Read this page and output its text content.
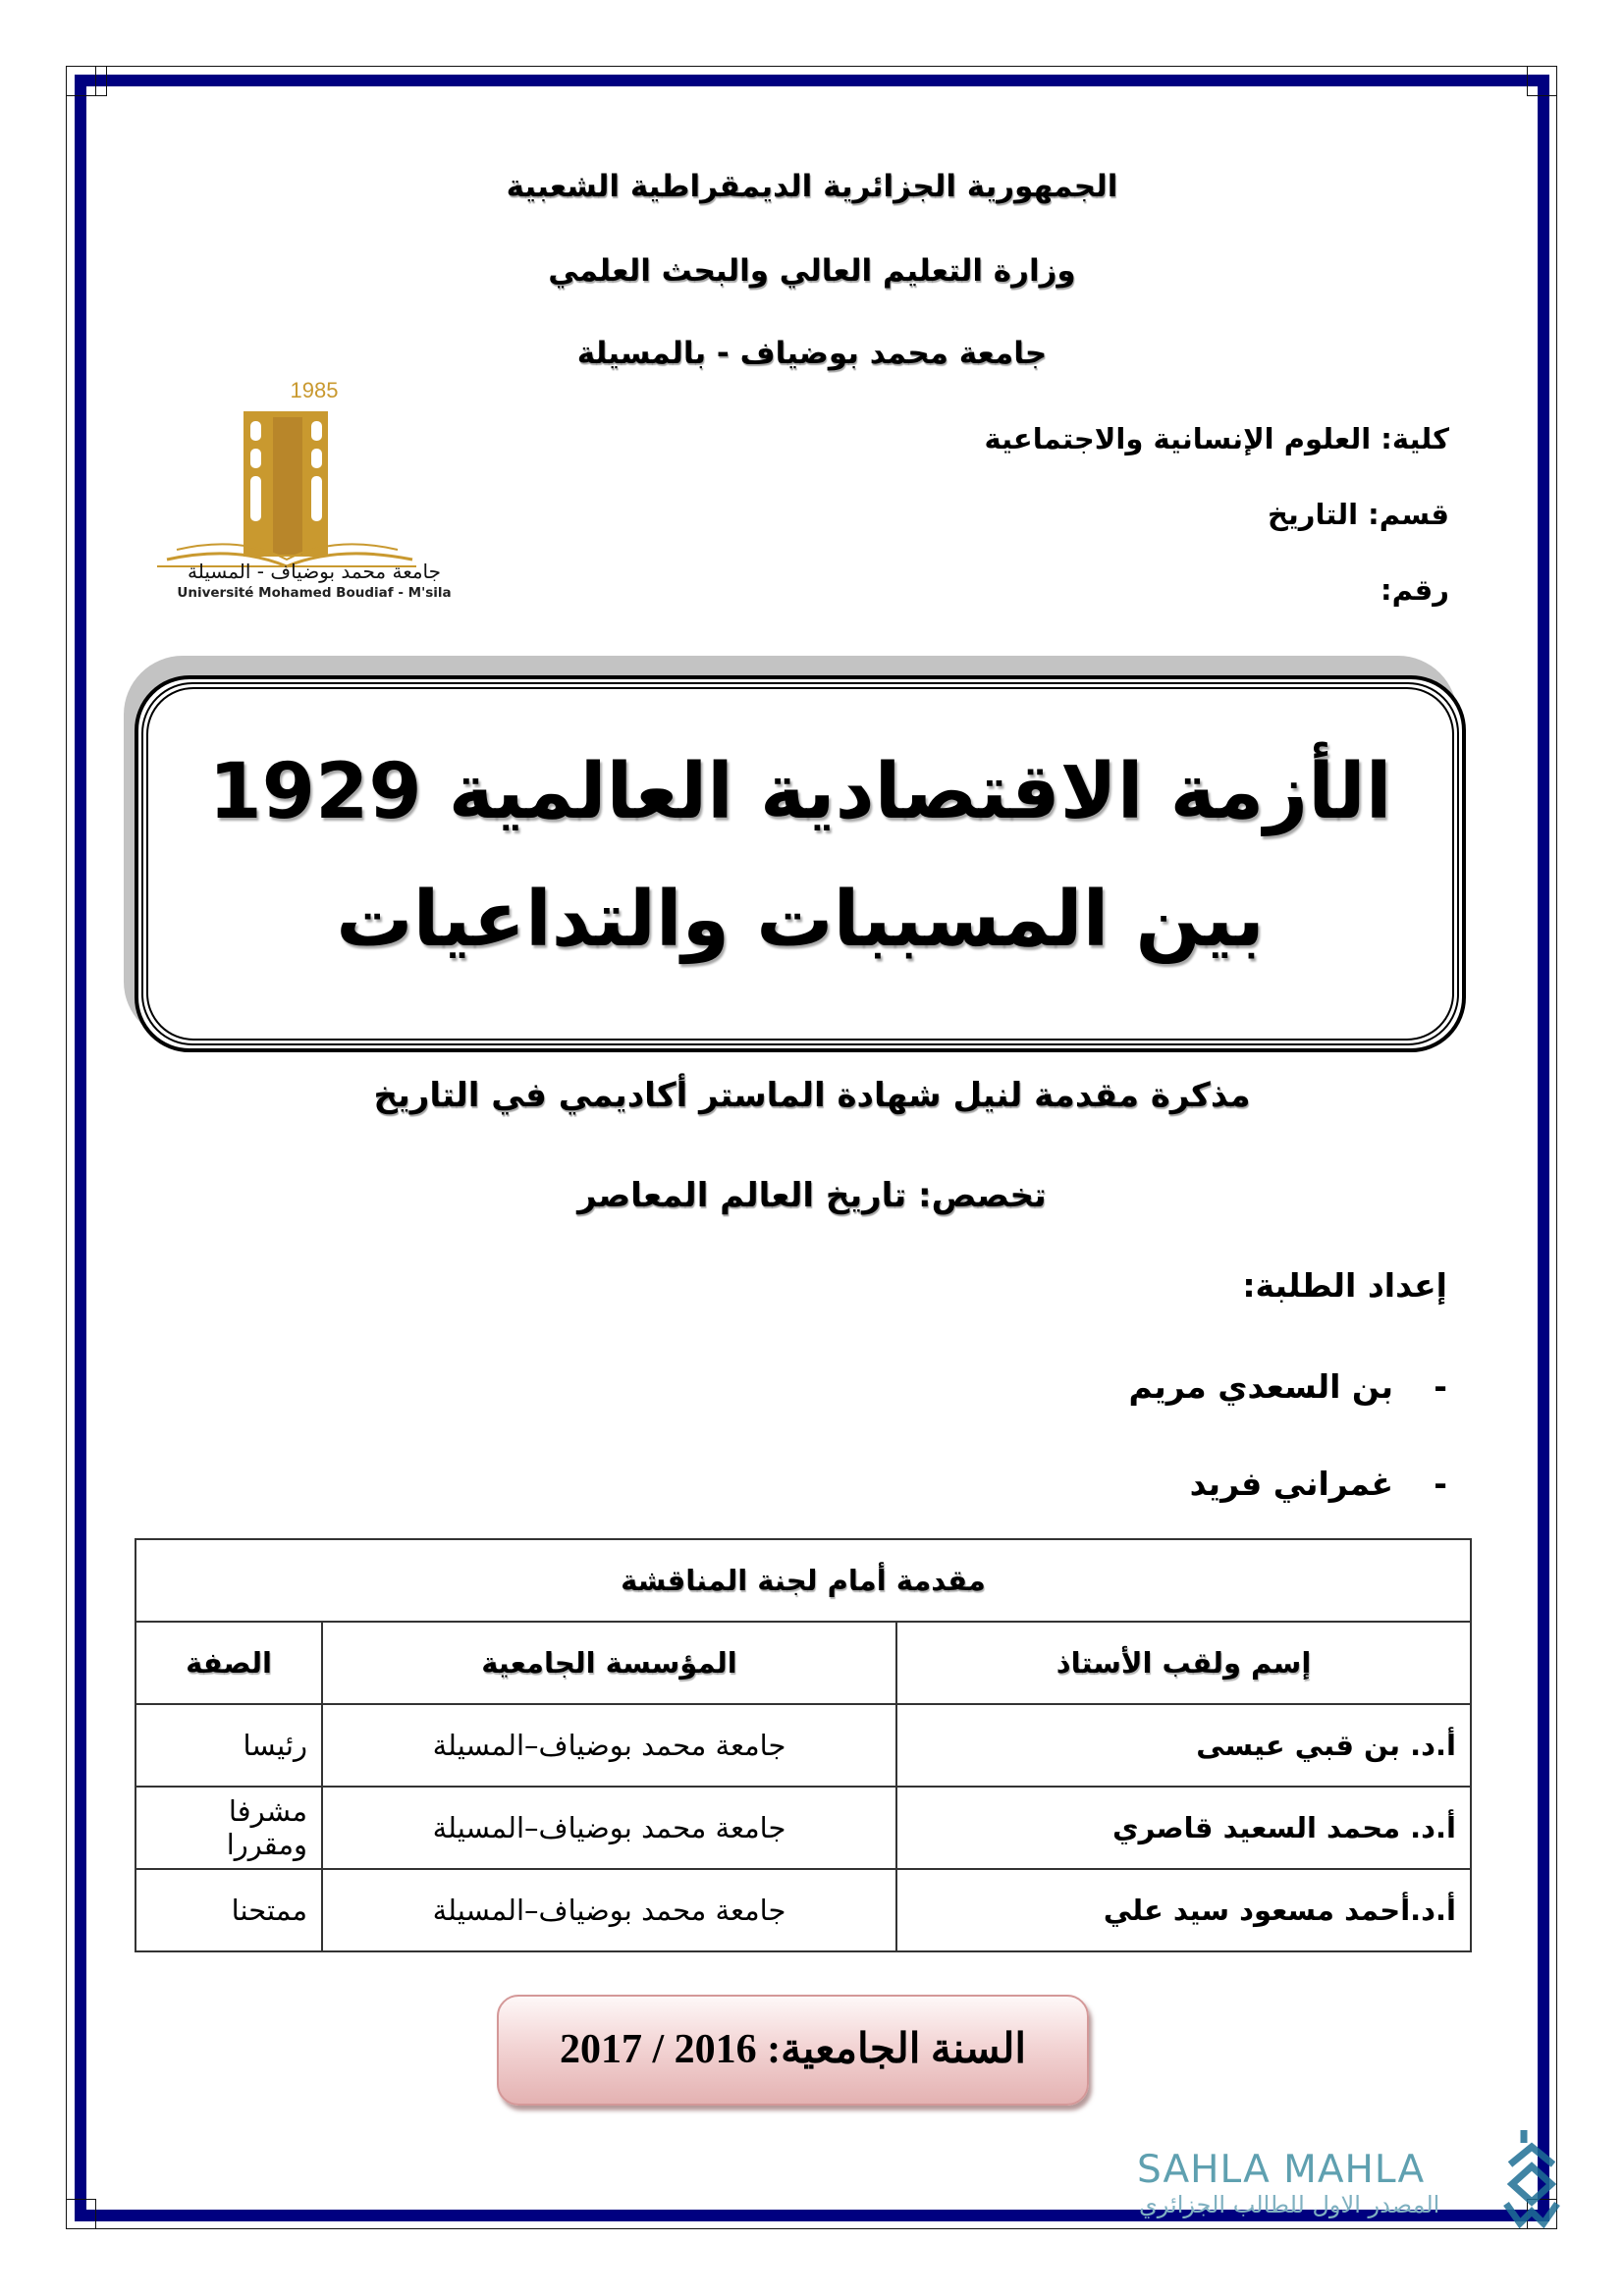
الجمهورية الجزائرية الديمقراطية الشعبية
وزارة التعليم العالي والبحث العلمي
جامعة محمد بوضياف - بالمسيلة
1985
جامعة محمد بوضياف - المسيلة
Université Mohamed Boudiaf - M'sila
كلية: العلوم الإنسانية والاجتماعية
قسم: التاريخ
رقم:
الأزمة الاقتصادية العالمية 1929
بين المسببات والتداعيات
مذكرة مقدمة لنيل شهادة الماستر أكاديمي في التاريخ
تخصص: تاريخ العالم المعاصر
إعداد الطلبة:
-
بن السعدي مريم
-
غمراني فريد
مقدمة أمام لجنة المناقشة		
إسم ولقب الأستاذ	المؤسسة الجامعية	الصفة
أ.د. بن قبي عيسى	جامعة محمد بوضياف–المسيلة	رئيسا
أ.د. محمد السعيد قاصري	جامعة محمد بوضياف–المسيلة	مشرفا ومقررا
أ.د.أحمد مسعود سيد علي	جامعة محمد بوضياف–المسيلة	ممتحنا
السنة الجامعية: 2016 / 2017
SAHLA MAHLA
المصدر الاول للطالب الجزائري
